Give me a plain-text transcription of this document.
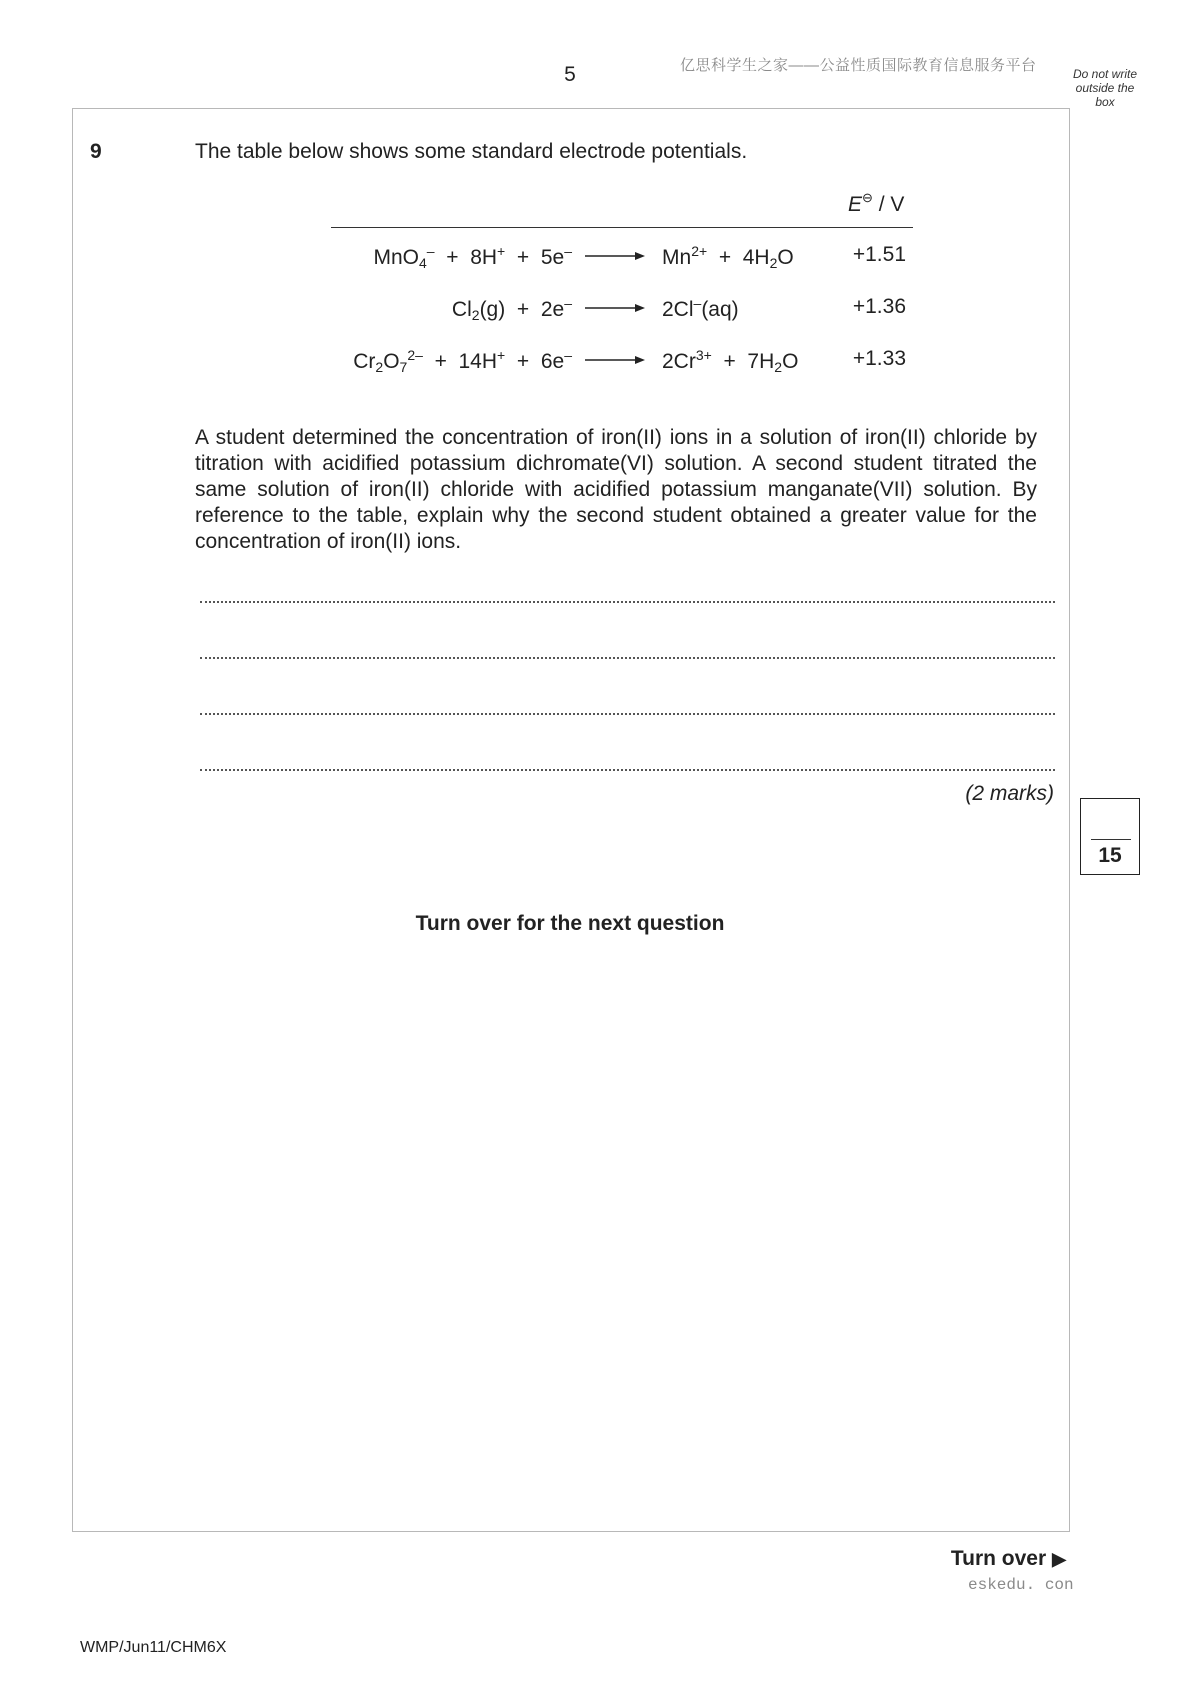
5	亿思科学生之家——公益性质国际教育信息服务平台	Do not write outside the box
9	The table below shows some standard electrode potentials.
E⊖ / V
$MnO_4^- + 8H^+ + 5e^- \to Mn^{2+} + 4H_2O$	+1.51
$Cl_2(g) + 2e^- \to 2Cl^-(aq)$	+1.36
$Cr_2O_7^{2-} + 14H^+ + 6e^- \to 2Cr^{3+} + 7H_2O$	+1.33
A student determined the concentration of iron(II) ions in a solution of iron(II) chloride by titration with acidified potassium dichromate(VI) solution. A second student titrated the same solution of iron(II) chloride with acidified potassium manganate(VII) solution. By reference to the table, explain why the second student obtained a greater value for the concentration of iron(II) ions.
(2 marks)
15
Turn over for the next question
Turn over ▶
eskedu. con
WMP/Jun11/CHM6X
